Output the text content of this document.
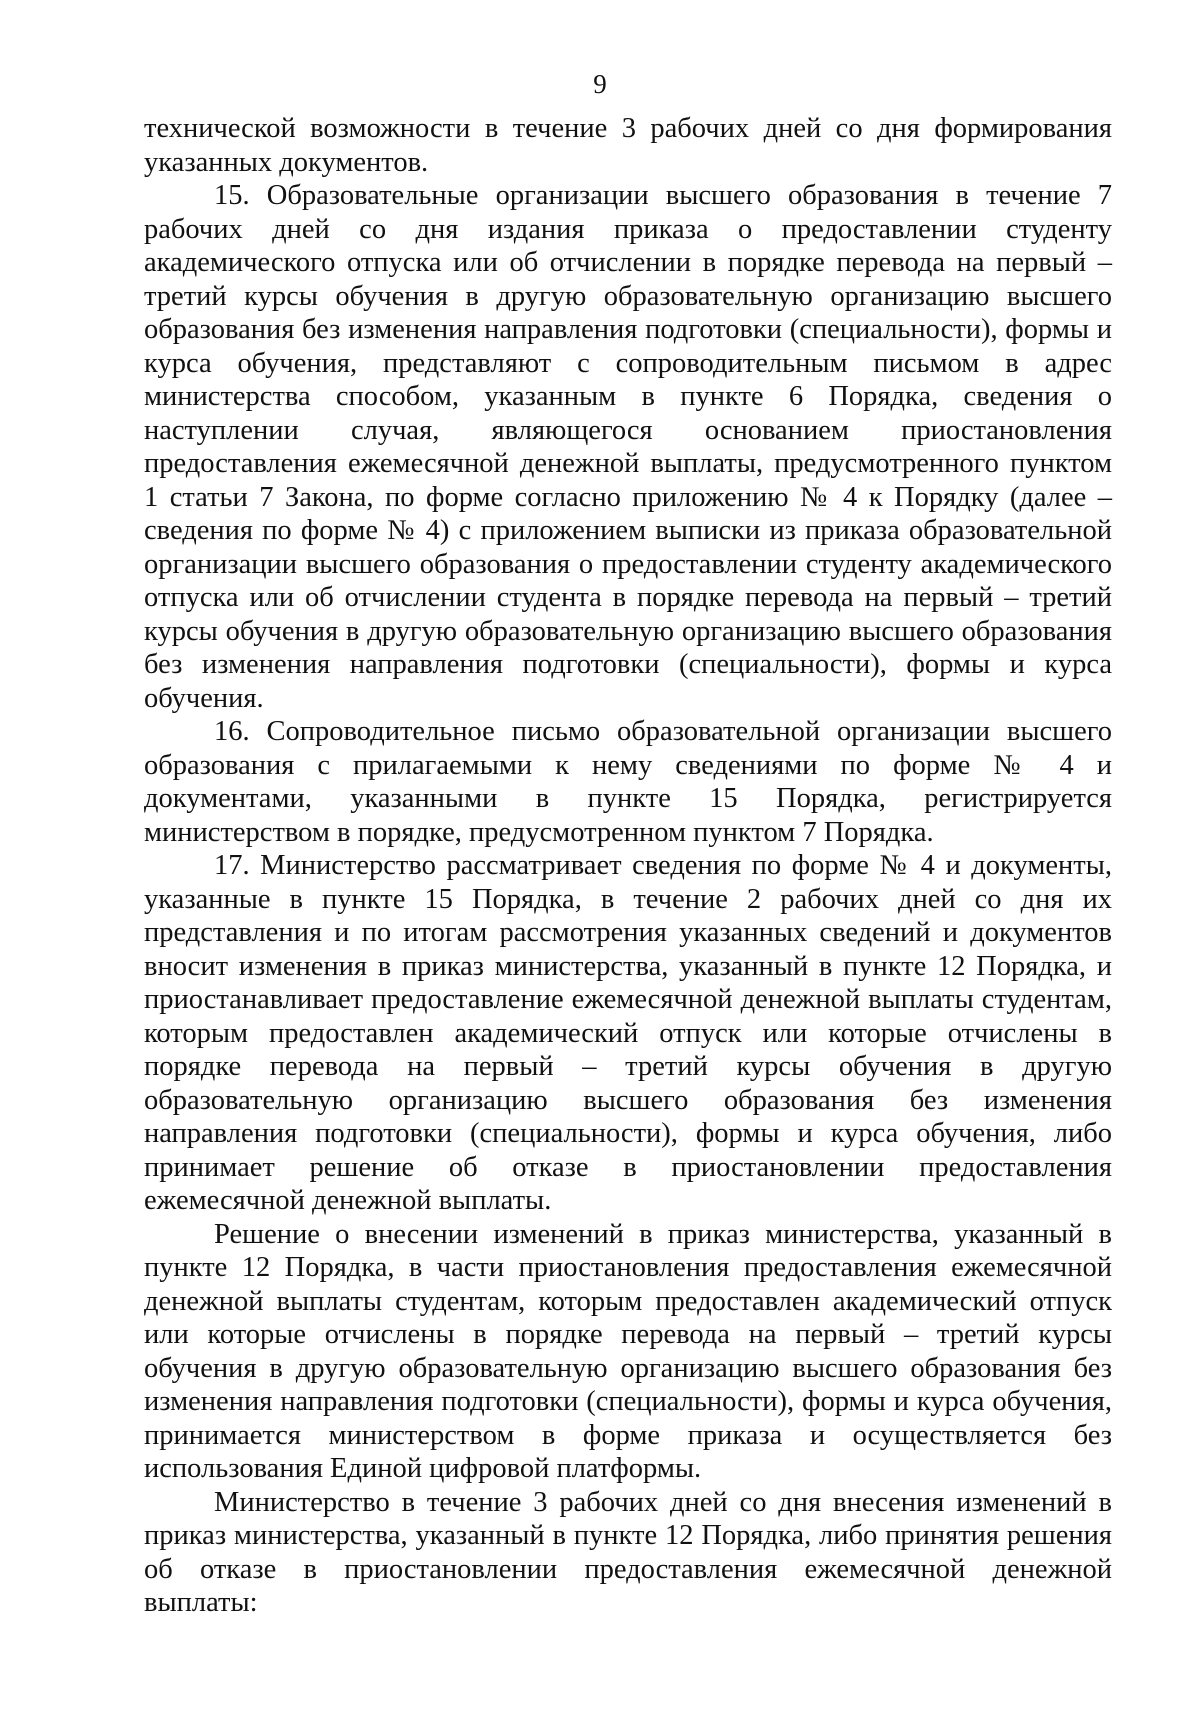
9

технической возможности в течение 3 рабочих дней со дня формирования указанных документов.

15. Образовательные организации высшего образования в течение 7 рабочих дней со дня издания приказа о предоставлении студенту академического отпуска или об отчислении в порядке перевода на первый – третий курсы обучения в другую образовательную организацию высшего образования без изменения направления подготовки (специальности), формы и курса обучения, представляют с сопроводительным письмом в адрес министерства способом, указанным в пункте 6 Порядка, сведения о наступлении случая, являющегося основанием приостановления предоставления ежемесячной денежной выплаты, предусмотренного пунктом 1 статьи 7 Закона, по форме согласно приложению № 4 к Порядку (далее – сведения по форме № 4) с приложением выписки из приказа образовательной организации высшего образования о предоставлении студенту академического отпуска или об отчислении студента в порядке перевода на первый – третий курсы обучения в другую образовательную организацию высшего образования без изменения направления подготовки (специальности), формы и курса обучения.

16. Сопроводительное письмо образовательной организации высшего образования с прилагаемыми к нему сведениями по форме № 4 и документами, указанными в пункте 15 Порядка, регистрируется министерством в порядке, предусмотренном пунктом 7 Порядка.

17. Министерство рассматривает сведения по форме № 4 и документы, указанные в пункте 15 Порядка, в течение 2 рабочих дней со дня их представления и по итогам рассмотрения указанных сведений и документов вносит изменения в приказ министерства, указанный в пункте 12 Порядка, и приостанавливает предоставление ежемесячной денежной выплаты студентам, которым предоставлен академический отпуск или которые отчислены в порядке перевода на первый – третий курсы обучения в другую образовательную организацию высшего образования без изменения направления подготовки (специальности), формы и курса обучения, либо принимает решение об отказе в приостановлении предоставления ежемесячной денежной выплаты.

Решение о внесении изменений в приказ министерства, указанный в пункте 12 Порядка, в части приостановления предоставления ежемесячной денежной выплаты студентам, которым предоставлен академический отпуск или которые отчислены в порядке перевода на первый – третий курсы обучения в другую образовательную организацию высшего образования без изменения направления подготовки (специальности), формы и курса обучения, принимается министерством в форме приказа и осуществляется без использования Единой цифровой платформы.

Министерство в течение 3 рабочих дней со дня внесения изменений в приказ министерства, указанный в пункте 12 Порядка, либо принятия решения об отказе в приостановлении предоставления ежемесячной денежной выплаты:
